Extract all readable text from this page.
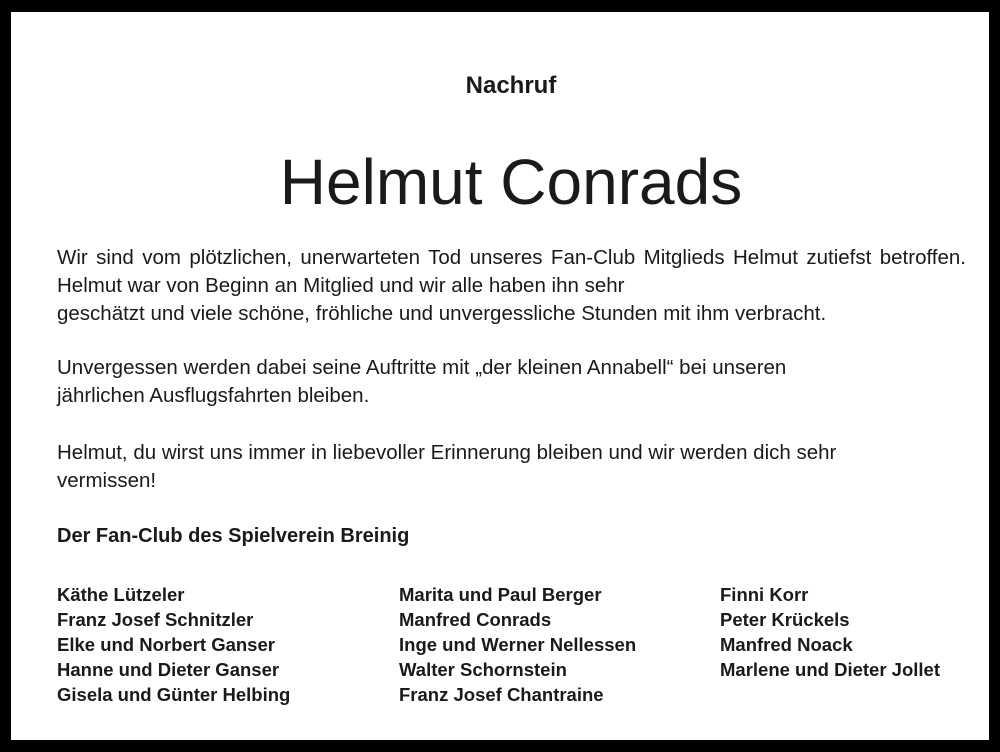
Nachruf
Helmut Conrads

Wir sind vom plötzlichen, unerwarteten Tod unseres Fan-Club Mitglieds Helmut zutiefst betroffen. Helmut war von Beginn an Mitglied und wir alle haben ihn sehr
geschätzt und viele schöne, fröhliche und unvergessliche Stunden mit ihm verbracht.

Unvergessen werden dabei seine Auftritte mit „der kleinen Annabell“ bei unseren
jährlichen Ausflugsfahrten bleiben.

Helmut, du wirst uns immer in liebevoller Erinnerung bleiben und wir werden dich sehr
vermissen!

Der Fan-Club des Spielverein Breinig
Käthe Lützeler
Franz Josef Schnitzler
Elke und Norbert Ganser
Hanne und Dieter Ganser
Gisela und Günter Helbing
Marita und Paul Berger
Manfred Conrads
Inge und Werner Nellessen
Walter Schornstein
Franz Josef Chantraine
Finni Korr
Peter Krückels
Manfred Noack
Marlene und Dieter Jollet
